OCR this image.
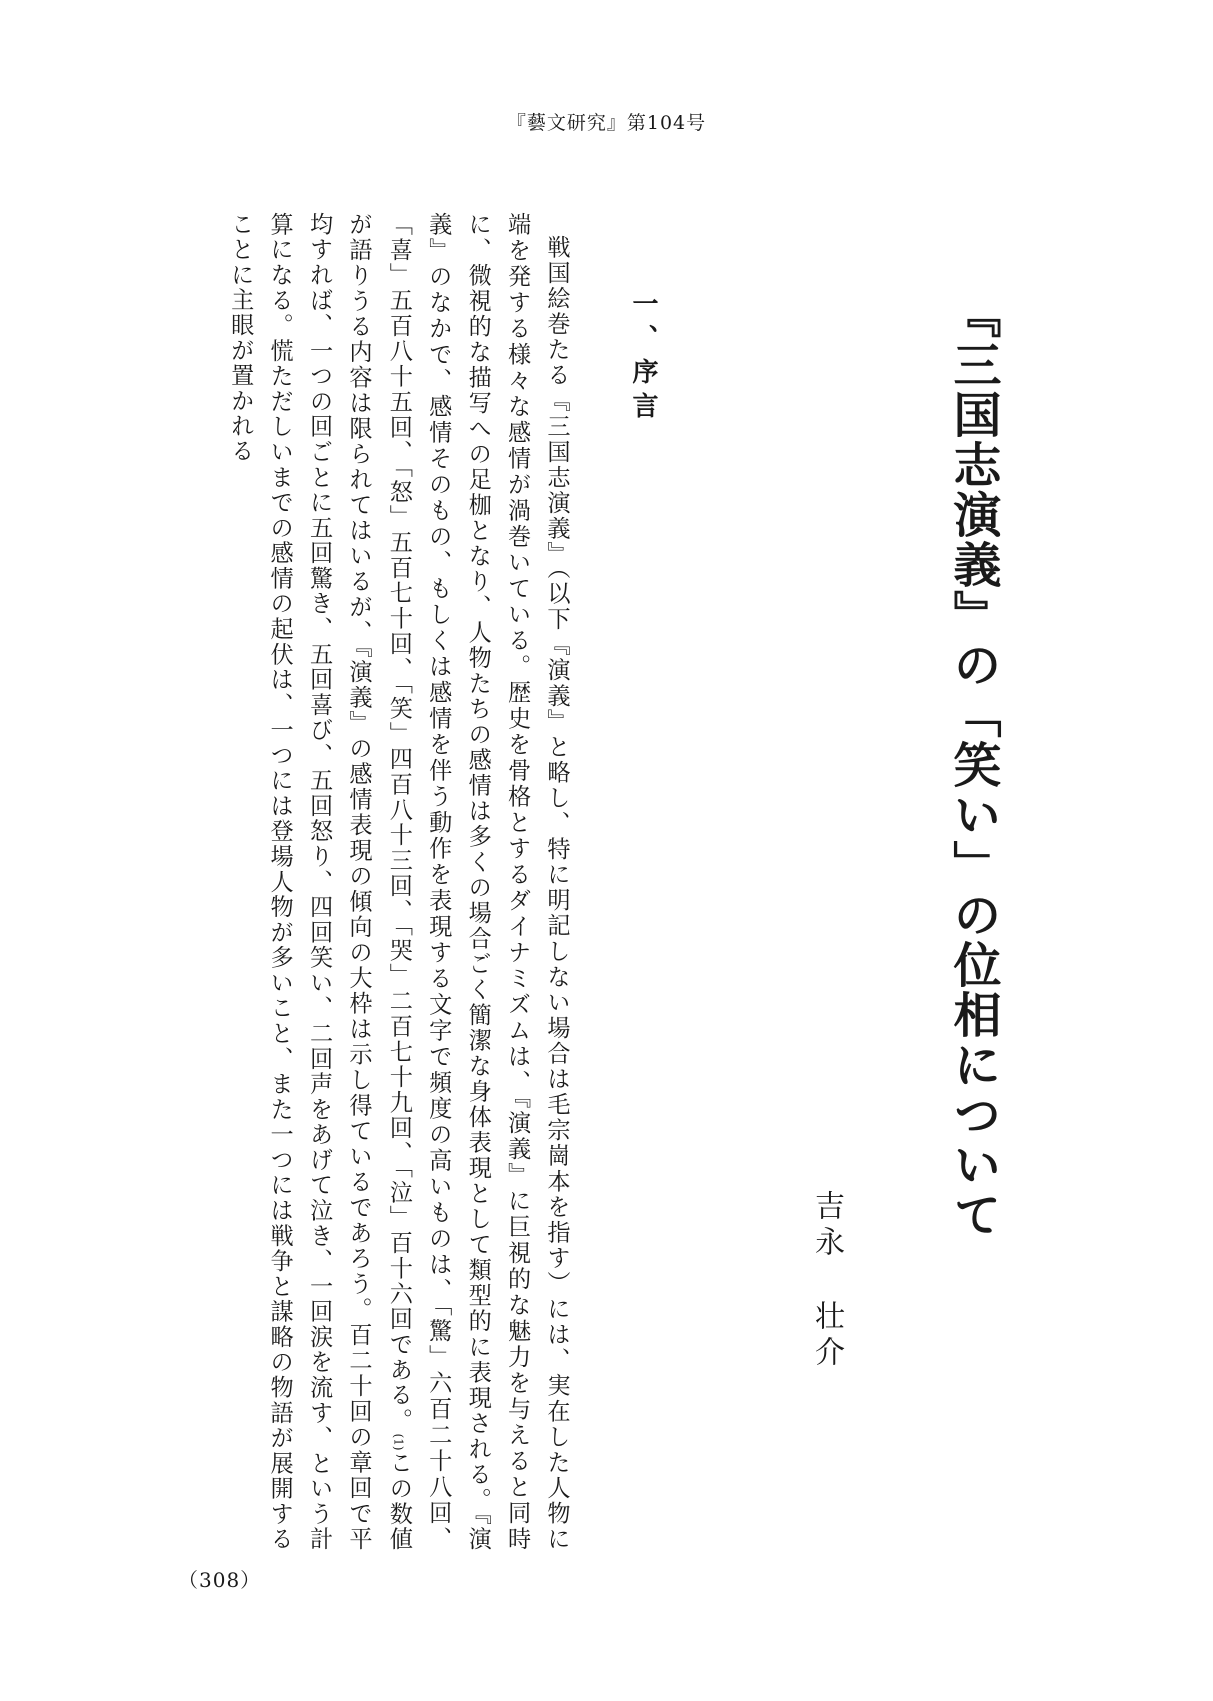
『藝文研究』第104号
『三国志演義』の「笑い」の位相について
吉永
壮介
一、序言

戦国絵巻たる『三国志演義』（以下『演義』と略し、特に明記しない場合は毛宗崗本を指す）には、実在した人物に端を発する様々な感情が渦巻いている。歴史を骨格とするダイナミズムは、『演義』に巨視的な魅力を与えると同時に、微視的な描写への足枷となり、人物たちの感情は多くの場合ごく簡潔な身体表現として類型的に表現される。『演義』のなかで、感情そのもの、もしくは感情を伴う動作を表現する文字で頻度の高いものは、「驚」六百二十八回、「喜」五百八十五回、「怒」五百七十回、「笑」四百八十三回、「哭」二百七十九回、「泣」百十六回である。(1)この数値が語りうる内容は限られてはいるが、『演義』の感情表現の傾向の大枠は示し得ているであろう。百二十回の章回で平均すれば、一つの回ごとに五回驚き、五回喜び、五回怒り、四回笑い、二回声をあげて泣き、一回涙を流す、という計算になる。慌ただしいまでの感情の起伏は、一つには登場人物が多いこと、また一つには戦争と謀略の物語が展開することに主眼が置かれる

（308）
